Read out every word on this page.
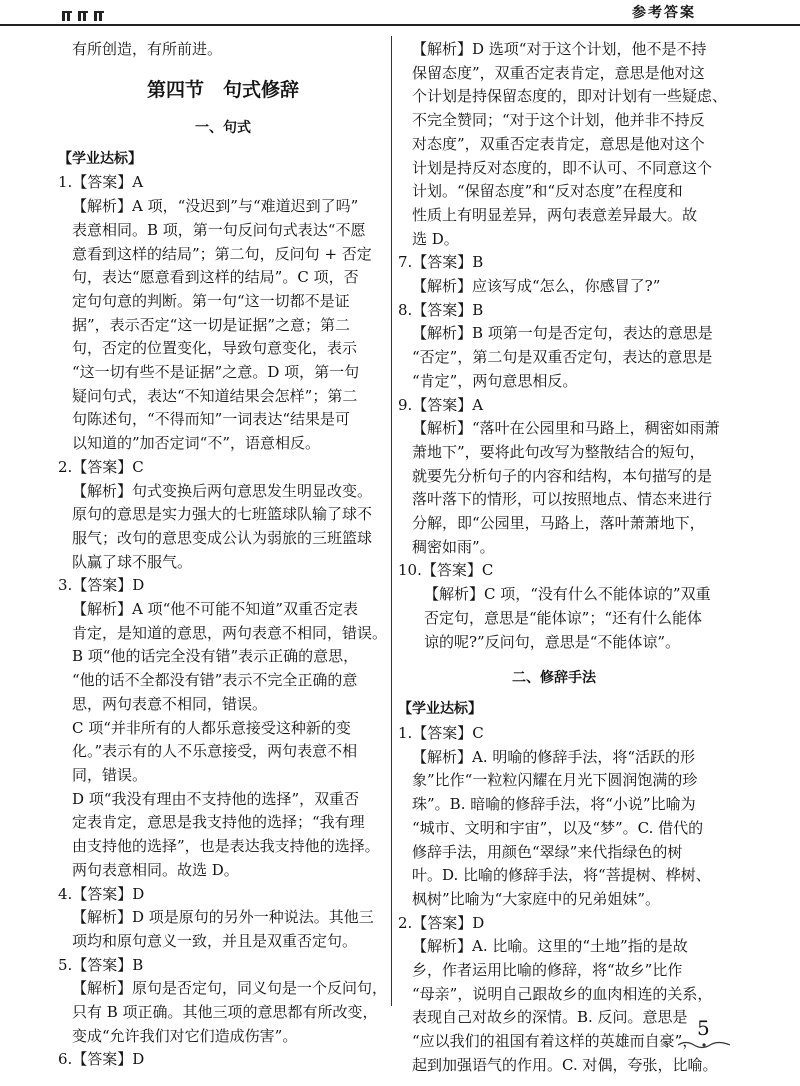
参考答案
有所创造，有所前进。
第四节　句式修辞
一、句式
【学业达标】
1.【答案】A
【解析】A 项，“没迟到”与“难道迟到了吗”
表意相同。B 项，第一句反问句式表达“不愿
意看到这样的结局”；第二句，反问句 + 否定
句，表达“愿意看到这样的结局”。C 项，否
定句句意的判断。第一句“这一切都不是证
据”，表示否定“这一切是证据”之意；第二
句，否定的位置变化，导致句意变化，表示
“这一切有些不是证据”之意。D 项，第一句
疑问句式，表达“不知道结果会怎样”；第二
句陈述句，“不得而知”一词表达“结果是可
以知道的”加否定词“不”，语意相反。
2.【答案】C
【解析】句式变换后两句意思发生明显改变。
原句的意思是实力强大的七班篮球队输了球不
服气；改句的意思变成公认为弱旅的三班篮球
队赢了球不服气。
3.【答案】D
【解析】A 项“他不可能不知道”双重否定表
肯定，是知道的意思，两句表意不相同，错误。
B 项“他的话完全没有错”表示正确的意思，
“他的话不全都没有错”表示不完全正确的意
思，两句表意不相同，错误。
C 项“并非所有的人都乐意接受这种新的变
化。”表示有的人不乐意接受，两句表意不相
同，错误。
D 项“我没有理由不支持他的选择”，双重否
定表肯定，意思是我支持他的选择；“我有理
由支持他的选择”，也是表达我支持他的选择。
两句表意相同。故选 D。
4.【答案】D
【解析】D 项是原句的另外一种说法。其他三
项均和原句意义一致，并且是双重否定句。
5.【答案】B
【解析】原句是否定句，同义句是一个反问句，
只有 B 项正确。其他三项的意思都有所改变，
变成“允许我们对它们造成伤害”。
6.【答案】D
【解析】D 选项“对于这个计划，他不是不持
保留态度”，双重否定表肯定，意思是他对这
个计划是持保留态度的，即对计划有一些疑虑、
不完全赞同；“对于这个计划，他并非不持反
对态度”，双重否定表肯定，意思是他对这个
计划是持反对态度的，即不认可、不同意这个
计划。“保留态度”和“反对态度”在程度和
性质上有明显差异，两句表意差异最大。故
选 D。
7.【答案】B
【解析】应该写成“怎么，你感冒了?”
8.【答案】B
【解析】B 项第一句是否定句，表达的意思是
“否定”，第二句是双重否定句，表达的意思是
“肯定”，两句意思相反。
9.【答案】A
【解析】“落叶在公园里和马路上，稠密如雨萧
萧地下”，要将此句改写为整散结合的短句，
就要先分析句子的内容和结构，本句描写的是
落叶落下的情形，可以按照地点、情态来进行
分解，即“公园里，马路上，落叶萧萧地下，
稠密如雨”。
10.【答案】C
【解析】C 项，“没有什么不能体谅的”双重
否定句，意思是“能体谅”；“还有什么能体
谅的呢?”反问句，意思是“不能体谅”。
二、修辞手法
【学业达标】
1.【答案】C
【解析】A. 明喻的修辞手法，将“活跃的形
象”比作“一粒粒闪耀在月光下圆润饱满的珍
珠”。B. 暗喻的修辞手法，将“小说”比喻为
“城市、文明和宇宙”，以及“梦”。C. 借代的
修辞手法，用颜色“翠绿”来代指绿色的树
叶。D. 比喻的修辞手法，将“菩提树、桦树、
枫树”比喻为“大家庭中的兄弟姐妹”。
2.【答案】D
【解析】A. 比喻。这里的“土地”指的是故
乡，作者运用比喻的修辞，将“故乡”比作
“母亲”，说明自己跟故乡的血肉相连的关系，
表现自己对故乡的深情。B. 反问。意思是
“应以我们的祖国有着这样的英雄而自豪”，
起到加强语气的作用。C. 对偶，夸张，比喻。
5
